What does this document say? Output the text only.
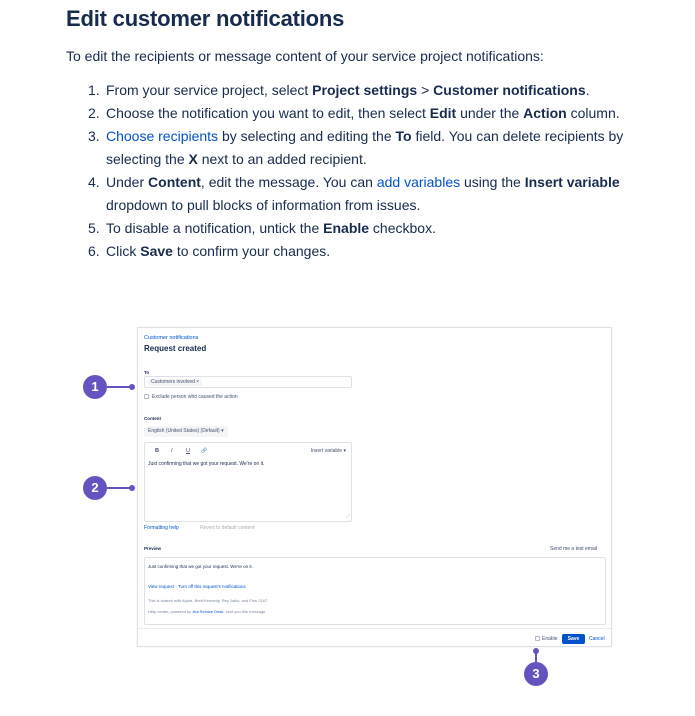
Edit customer notifications

To edit the recipients or message content of your service project notifications:

1. From your service project, select Project settings > Customer notifications.
2. Choose the notification you want to edit, then select Edit under the Action column.
3. Choose recipients by selecting and editing the To field. You can delete recipients by selecting the X next to an added recipient.
4. Under Content, edit the message. You can add variables using the Insert variable dropdown to pull blocks of information from issues.
5. To disable a notification, untick the Enable checkbox.
6. Click Save to confirm your changes.
Customer notifications
Request created
To
Customers involved ×
Exclude person who caused the action
Content
English (United States) (Default) ▾
B I U 🔗	Insert variable ▾
Just confirming that we got your request. We're on it.
⟋
Formatting help	Revert to default content
Preview	Send me a test email
Just confirming that we got your request. We're on it.
View request · Turn off this request's notifications
This is shared with Alpha, Brett Kennedy, Rey Jaiko, and Finn 2167.
Help center, powered by Jira Service Desk, sent you this message.
Enable	Save	Cancel
1
2
3
